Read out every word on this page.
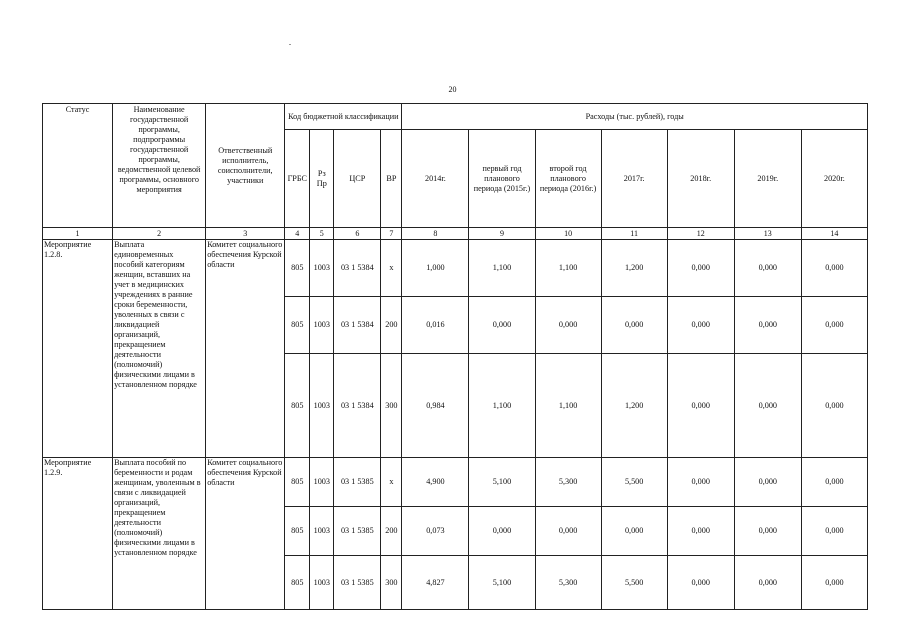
20
Статус	Наименование государственной программы, подпрограммы государственной программы, ведомственной целевой программы, основного мероприятия	Ответственный исполнитель, соисполнители, участники	Код бюджетной классификации				Расходы (тыс. рублей), годы						
			ГРБС	Рз Пр	ЦСР	ВР	2014г.	первый год планового периода (2015г.)	второй год планового периода (2016г.)	2017г.	2018г.	2019г.	2020г.
1	2	3	4	5	6	7	8	9	10	11	12	13	14
Мероприятие 1.2.8.	Выплата единовременных пособий категориям женщин, вставших на учет в медицинских учреждениях в ранние сроки беременности, уволенных в связи с ликвидацией организаций, прекращением деятельности (полномочий) физическими лицами в установленном порядке	Комитет социального обеспечения Курской области	805	1003	03 1 5384	х	1,000	1,100	1,100	1,200	0,000	0,000	0,000
			805	1003	03 1 5384	200	0,016	0,000	0,000	0,000	0,000	0,000	0,000
			805	1003	03 1 5384	300	0,984	1,100	1,100	1,200	0,000	0,000	0,000
Мероприятие 1.2.9.	Выплата пособий по беременности и родам женщинам, уволенным в связи с ликвидацией организаций, прекращением деятельности (полномочий) физическими лицами в установленном порядке	Комитет социального обеспечения Курской области	805	1003	03 1 5385	х	4,900	5,100	5,300	5,500	0,000	0,000	0,000
			805	1003	03 1 5385	200	0,073	0,000	0,000	0,000	0,000	0,000	0,000
			805	1003	03 1 5385	300	4,827	5,100	5,300	5,500	0,000	0,000	0,000
